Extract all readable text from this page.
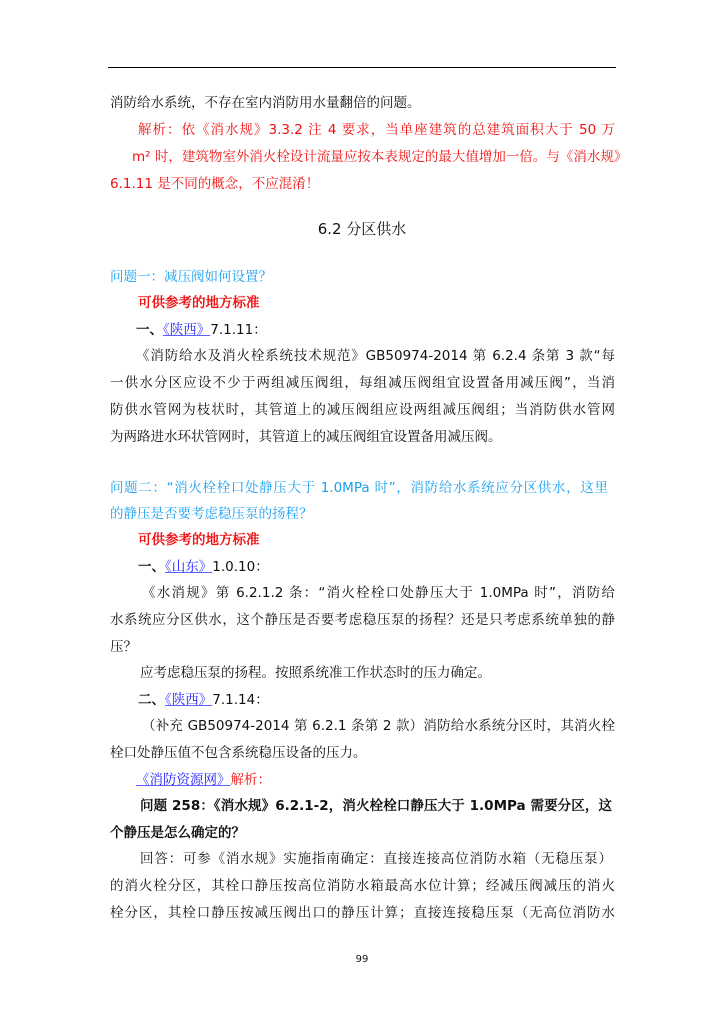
消防给水系统，不存在室内消防用水量翻倍的问题。
解析：依《消水规》3.3.2 注 4 要求，当单座建筑的总建筑面积大于 50 万
m² 时，建筑物室外消火栓设计流量应按本表规定的最大值增加一倍。与《消水规》
6.1.11 是不同的概念，不应混淆！
6.2 分区供水
问题一：减压阀如何设置？
可供参考的地方标准
一、《陕西》7.1.11：
《消防给水及消火栓系统技术规范》GB50974-2014 第 6.2.4 条第 3 款“每
一供水分区应设不少于两组减压阀组，每组减压阀组宜设置备用减压阀”，当消
防供水管网为枝状时，其管道上的减压阀组应设两组减压阀组；当消防供水管网
为两路进水环状管网时，其管道上的减压阀组宜设置备用减压阀。
问题二：“消火栓栓口处静压大于 1.0MPa 时”，消防给水系统应分区供水，这里
的静压是否要考虑稳压泵的扬程？
可供参考的地方标准
一、《山东》1.0.10：
《水消规》第 6.2.1.2 条：“消火栓栓口处静压大于 1.0MPa 时”，消防给
水系统应分区供水，这个静压是否要考虑稳压泵的扬程？还是只考虑系统单独的静
压？
应考虑稳压泵的扬程。按照系统准工作状态时的压力确定。
二、《陕西》7.1.14：
（补充 GB50974-2014 第 6.2.1 条第 2 款）消防给水系统分区时，其消火栓
栓口处静压值不包含系统稳压设备的压力。
《消防资源网》解析：
问题 258：《消水规》6.2.1-2，消火栓栓口静压大于 1.0MPa 需要分区，这
个静压是怎么确定的？
回答：可参《消水规》实施指南确定：直接连接高位消防水箱（无稳压泵）
的消火栓分区，其栓口静压按高位消防水箱最高水位计算；经减压阀减压的消火
栓分区，其栓口静压按减压阀出口的静压计算；直接连接稳压泵（无高位消防水
99
